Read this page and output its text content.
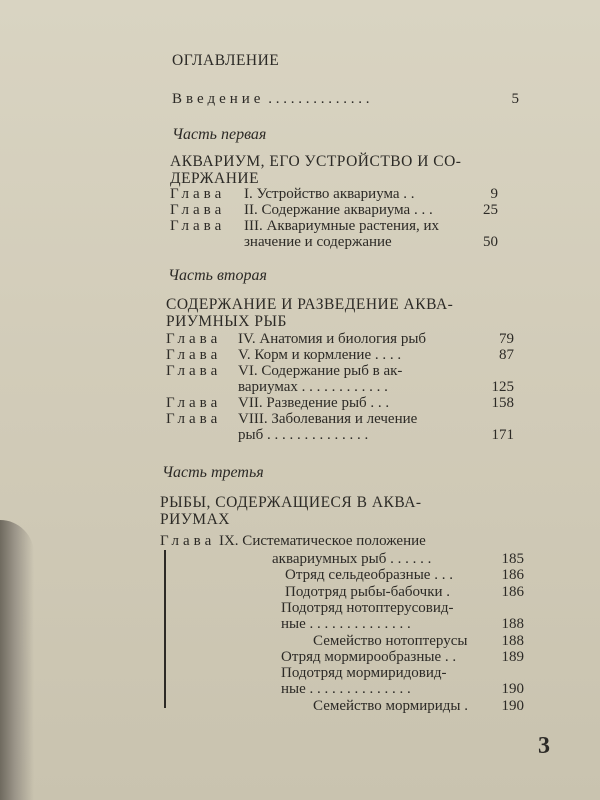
ОГЛАВЛЕНИЕ
Введение . . . . . . . . . . . . . .	5
Часть первая
АКВАРИУМ, ЕГО УСТРОЙСТВО И СО-
ДЕРЖАНИЕ
Глава I. Устройство аквариума . .	9
Глава II. Содержание аквариума . . .	25
Глава III. Аквариумные растения, их
значение и содержание	50
Часть вторая
СОДЕРЖАНИЕ И РАЗВЕДЕНИЕ АКВА-
РИУМНЫХ РЫБ
Глава IV. Анатомия и биология рыб	79
Глава V. Корм и кормление . . . .	87
Глава VI. Содержание рыб в ак-
вариумах . . . . . . . . . . . .	125
Глава VII. Разведение рыб . . .	158
Глава VIII. Заболевания и лечение
рыб . . . . . . . . . . . . . .	171
Часть третья
РЫБЫ, СОДЕРЖАЩИЕСЯ В АКВА-
РИУМАХ
Глава IX. Систематическое положение
аквариумных рыб . . . . . .	185
Отряд сельдеобразные . . .	186
Подотряд рыбы-бабочки .	186
Подотряд нотоптерусовид-
ные . . . . . . . . . . . . . .	188
Семейство нотоптерусы	188
Отряд мормирообразные . .	189
Подотряд мормиридовид-
ные . . . . . . . . . . . . . .	190
Семейство мормириды .	190
3
